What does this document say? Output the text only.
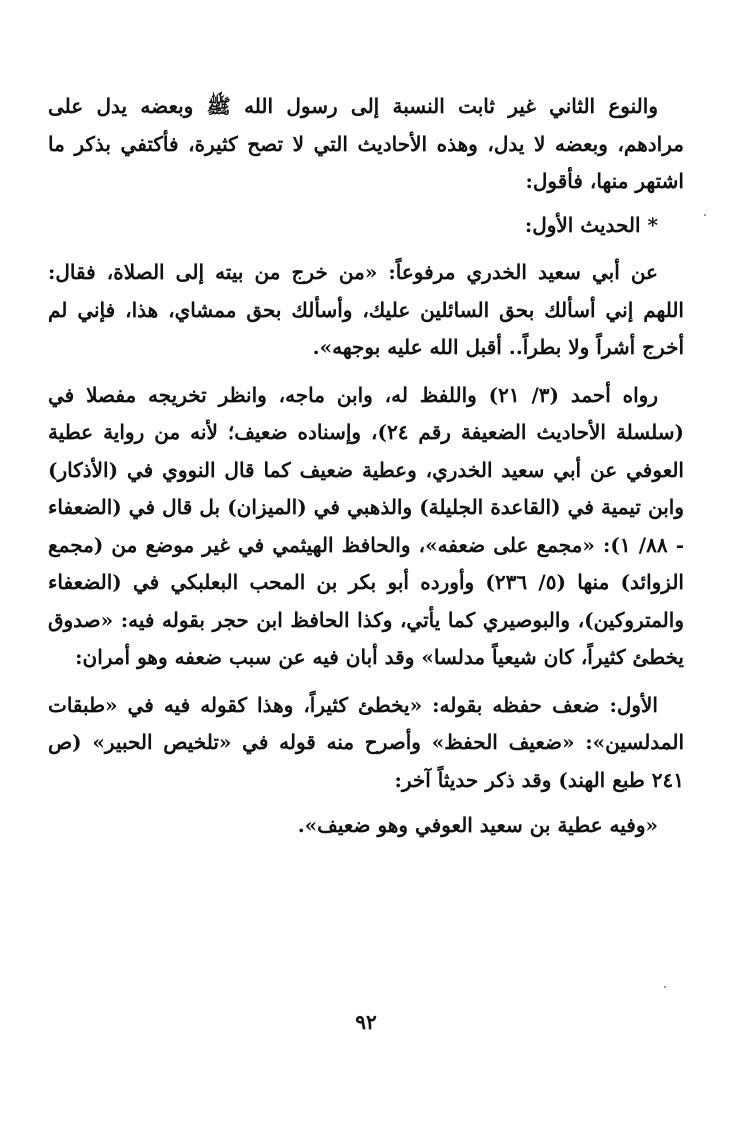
والنوع الثاني غير ثابت النسبة إلى رسول الله ﷺ وبعضه يدل على مرادهم، وبعضه لا يدل، وهذه الأحاديث التي لا تصح كثيرة، فأكتفي بذكر ما اشتهر منها، فأقول:

* الحديث الأول:

عن أبي سعيد الخدري مرفوعاً: «من خرج من بيته إلى الصلاة، فقال: اللهم إني أسألك بحق السائلين عليك، وأسألك بحق ممشاي، هذا، فإني لم أخرج أشراً ولا بطراً.. أقبل الله عليه بوجهه».

رواه أحمد (٣/ ٢١) واللفظ له، وابن ماجه، وانظر تخريجه مفصلا في (سلسلة الأحاديث الضعيفة رقم ٢٤)، وإسناده ضعيف؛ لأنه من رواية عطية العوفي عن أبي سعيد الخدري، وعطية ضعيف كما قال النووي في (الأذكار) وابن تيمية في (القاعدة الجليلة) والذهبي في (الميزان) بل قال في (الضعفاء - ٨٨/ ١): «مجمع على ضعفه»، والحافظ الهيثمي في غير موضع من (مجمع الزوائد) منها (٥/ ٢٣٦) وأورده أبو بكر بن المحب البعلبكي في (الضعفاء والمتروكين)، والبوصيري كما يأتي، وكذا الحافظ ابن حجر بقوله فيه: «صدوق يخطئ كثيراً، كان شيعياً مدلسا» وقد أبان فيه عن سبب ضعفه وهو أمران:

الأول: ضعف حفظه بقوله: «يخطئ كثيراً، وهذا كقوله فيه في «طبقات المدلسين»: «ضعيف الحفظ» وأصرح منه قوله في «تلخيص الحبير» (ص ٢٤١ طبع الهند) وقد ذكر حديثاً آخر:

«وفيه عطية بن سعيد العوفي وهو ضعيف».

٩٢
